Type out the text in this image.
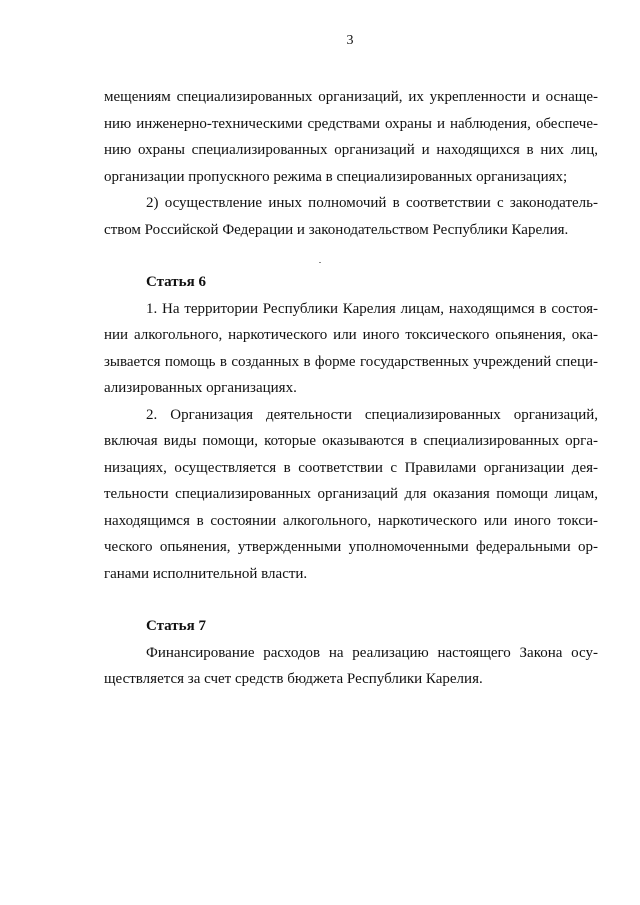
3

мещениям специализированных организаций, их укрепленности и оснаще-
нию инженерно-техническими средствами охраны и наблюдения, обеспече-
нию охраны специализированных организаций и находящихся в них лиц,
организации пропускного режима в специализированных организациях;

2) осуществление иных полномочий в соответствии с законодатель-
ством Российской Федерации и законодательством Республики Карелия.

Статья 6

1. На территории Республики Карелия лицам, находящимся в состоя-
нии алкогольного, наркотического или иного токсического опьянения, ока-
зывается помощь в созданных в форме государственных учреждений специ-
ализированных организациях.

2. Организация деятельности специализированных организаций,
включая виды помощи, которые оказываются в специализированных орга-
низациях, осуществляется в соответствии с Правилами организации дея-
тельности специализированных организаций для оказания помощи лицам,
находящимся в состоянии алкогольного, наркотического или иного токси-
ческого опьянения, утвержденными уполномоченными федеральными ор-
ганами исполнительной власти.

Статья 7

Финансирование расходов на реализацию настоящего Закона осу-
ществляется за счет средств бюджета Республики Карелия.
